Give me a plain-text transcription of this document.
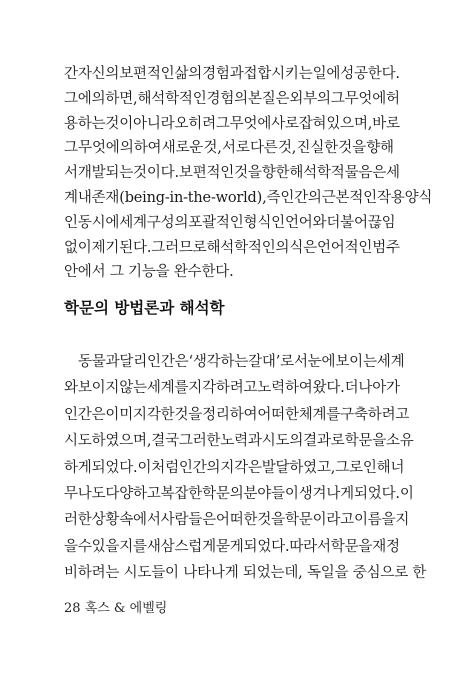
간 자신의 보편적인 삶의 경험과 접합시키는 일에 성공한다.
그에 의하면, 해석학적인 경험의 본질은 외부의 그 무엇에 허
용하는 것이 아니라 오히려 그 무엇에 사로잡혀 있으며, 바로
그 무엇에 의하여 새로운 것, 서로 다른 것, 진실한 것을 향해
서 개발되는 것이다. 보편적인 것을 향한 해석학적 물음은 세
계 내 존재(being-in-the-world), 즉 인간의 근본적인 작용 양식
인 동시에 세계 구성의 포괄적인 형식인 언어와 더불어 끊임
없이 제기된다. 그러므로 해석학적인 의식은 언어적인 범주
안에서 그 기능을 완수한다.
학문의 방법론과 해석학
동물과 달리 인간은 ‘생각하는 갈대’로서 눈에 보이는 세계
와 보이지 않는 세계를 지각하려고 노력하여 왔다. 더 나아가
인간은 이미 지각한 것을 정리하여 어떠한 체계를 구축하려고
시도하였으며, 결국 그러한 노력과 시도의 결과로 학문을 소유
하게 되었다. 이처럼 인간의 지각은 발달하였고, 그로 인해 너
무나도 다양하고 복잡한 학문의 분야들이 생겨나게 되었다. 이
러한 상황 속에서 사람들은 어떠한 것을 학문이라고 이름을 지
을 수 있을지를 새삼스럽게 묻게 되었다. 따라서 학문을 재정
비하려는 시도들이 나타나게 되었는데, 독일을 중심으로 한
28 혹스 & 에벨링
